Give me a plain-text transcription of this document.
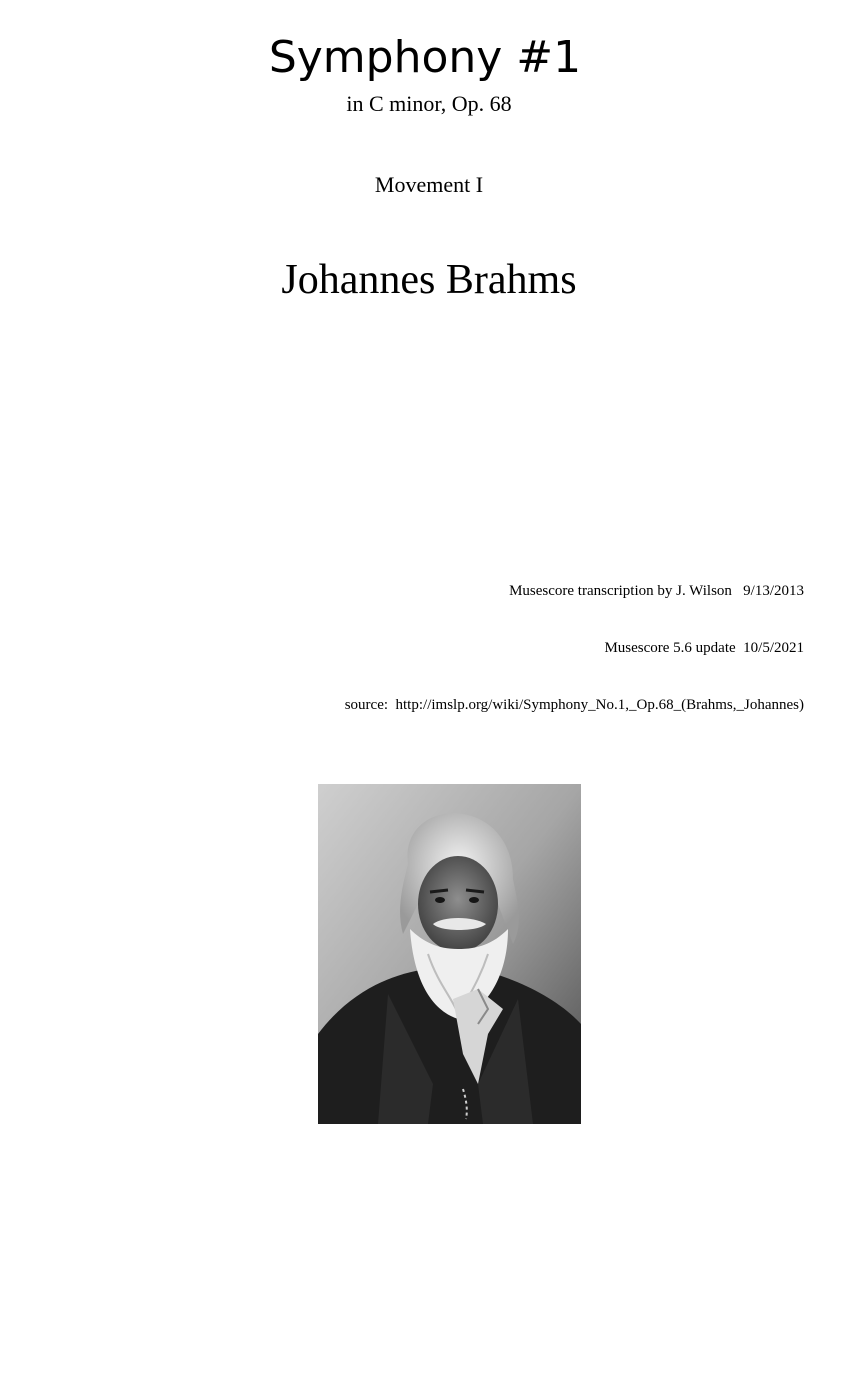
Symphony #1
in C minor, Op. 68
Movement I
Johannes Brahms

Musescore transcription by J. Wilson   9/13/2013

Musescore 5.6 update  10/5/2021

source:  http://imslp.org/wiki/Symphony_No.1,_Op.68_(Brahms,_Johannes)
